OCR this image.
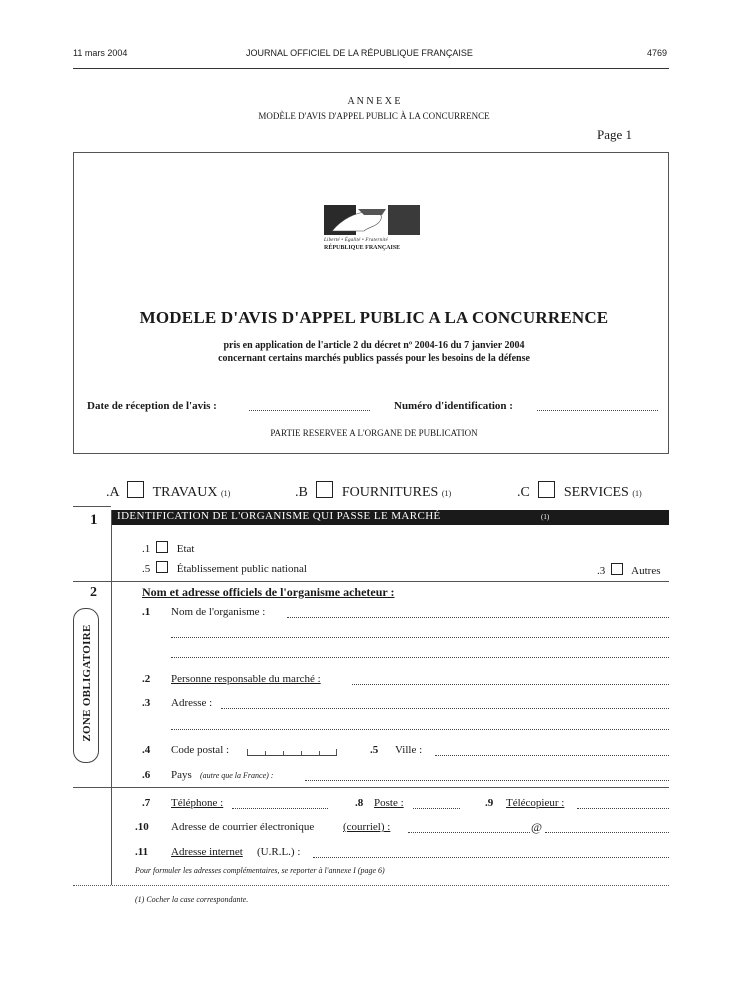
11 mars 2004	JOURNAL OFFICIEL DE LA RÉPUBLIQUE FRANÇAISE	4769
A N N E X E
MODÈLE D'AVIS D'APPEL PUBLIC À LA CONCURRENCE
Page 1
Liberté • Égalité • Fraternité
RÉPUBLIQUE FRANÇAISE
MODELE D'AVIS D'APPEL PUBLIC A LA CONCURRENCE
pris en application de l'article 2 du décret nº 2004-16 du 7 janvier 2004
concernant certains marchés publics passés pour les besoins de la défense
Date de réception de l'avis :	Numéro d'identification :
PARTIE RESERVEE A L'ORGANE DE PUBLICATION
.A TRAVAUX (1)	.B FOURNITURES (1)	.C SERVICES (1)
1 IDENTIFICATION DE L'ORGANISME QUI PASSE LE MARCHÉ	(1)
.1 Etat
.5 Établissement public national	.3 Autres
2	Nom et adresse officiels de l'organisme acheteur :
ZONE OBLIGATOIRE
.1 Nom de l'organisme :
.2 Personne responsable du marché :
.3 Adresse :
.4 Code postal :	.5 Ville :
.6 Pays (autre que la France) :
.7 Téléphone :	.8 Poste :	.9 Télécopieur :
.10 Adresse de courrier électronique	(courriel) :	@
.11 Adresse internet (U.R.L.) :
Pour formuler les adresses complémentaires, se reporter à l'annexe I (page 6)
(1) Cocher la case correspondante.
